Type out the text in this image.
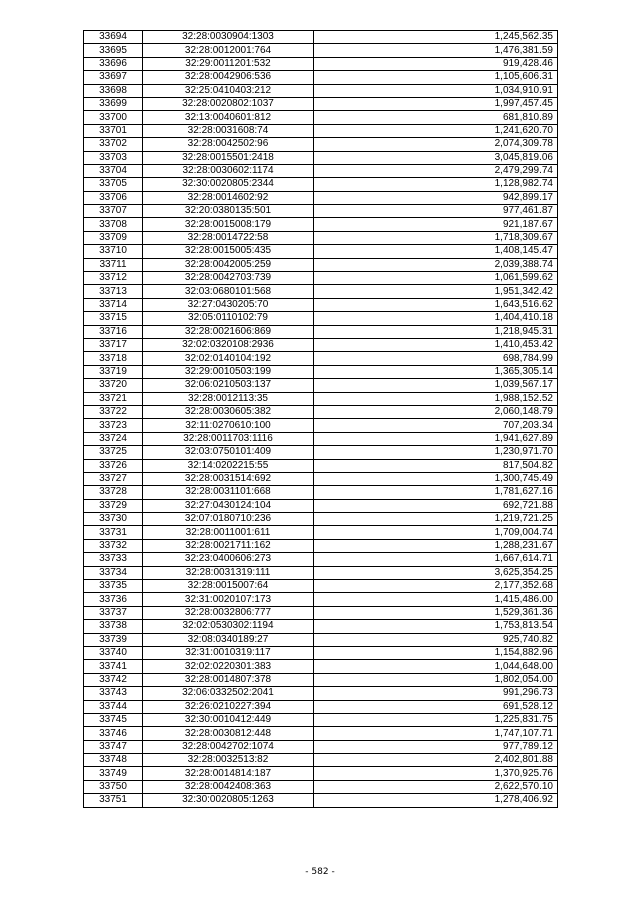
33694	32:28:0030904:1303	1,245,562.35
33695	32:28:0012001:764	1,476,381.59
33696	32:29:0011201:532	919,428.46
33697	32:28:0042906:536	1,105,606.31
33698	32:25:0410403:212	1,034,910.91
33699	32:28:0020802:1037	1,997,457.45
33700	32:13:0040601:812	681,810.89
33701	32:28:0031608:74	1,241,620.70
33702	32:28:0042502:96	2,074,309.78
33703	32:28:0015501:2418	3,045,819.06
33704	32:28:0030602:1174	2,479,299.74
33705	32:30:0020805:2344	1,128,982.74
33706	32:28:0014602:92	942,899.17
33707	32:20:0380135:501	977,461.87
33708	32:28:0015008:179	921,187.67
33709	32:28:0014722:58	1,718,309.67
33710	32:28:0015005:435	1,408,145.47
33711	32:28:0042005:259	2,039,388.74
33712	32:28:0042703:739	1,061,599.62
33713	32:03:0680101:568	1,951,342.42
33714	32:27:0430205:70	1,643,516.62
33715	32:05:0110102:79	1,404,410.18
33716	32:28:0021606:869	1,218,945.31
33717	32:02:0320108:2936	1,410,453.42
33718	32:02:0140104:192	698,784.99
33719	32:29:0010503:199	1,365,305.14
33720	32:06:0210503:137	1,039,567.17
33721	32:28:0012113:35	1,988,152.52
33722	32:28:0030605:382	2,060,148.79
33723	32:11:0270610:100	707,203.34
33724	32:28:0011703:1116	1,941,627.89
33725	32:03:0750101:409	1,230,971.70
33726	32:14:0202215:55	817,504.82
33727	32:28:0031514:692	1,300,745.49
33728	32:28:0031101:668	1,781,627.16
33729	32:27:0430124:104	692,721.88
33730	32:07:0180710:236	1,219,721.25
33731	32:28:0011001:611	1,709,004.74
33732	32:28:0021711:162	1,288,231.67
33733	32:23:0400606:273	1,667,614.71
33734	32:28:0031319:111	3,625,354.25
33735	32:28:0015007:64	2,177,352.68
33736	32:31:0020107:173	1,415,486.00
33737	32:28:0032806:777	1,529,361.36
33738	32:02:0530302:1194	1,753,813.54
33739	32:08:0340189:27	925,740.82
33740	32:31:0010319:117	1,154,882.96
33741	32:02:0220301:383	1,044,648.00
33742	32:28:0014807:378	1,802,054.00
33743	32:06:0332502:2041	991,296.73
33744	32:26:0210227:394	691,528.12
33745	32:30:0010412:449	1,225,831.75
33746	32:28:0030812:448	1,747,107.71
33747	32:28:0042702:1074	977,789.12
33748	32:28:0032513:82	2,402,801.88
33749	32:28:0014814:187	1,370,925.76
33750	32:28:0042408:363	2,622,570.10
33751	32:30:0020805:1263	1,278,406.92
- 582 -
